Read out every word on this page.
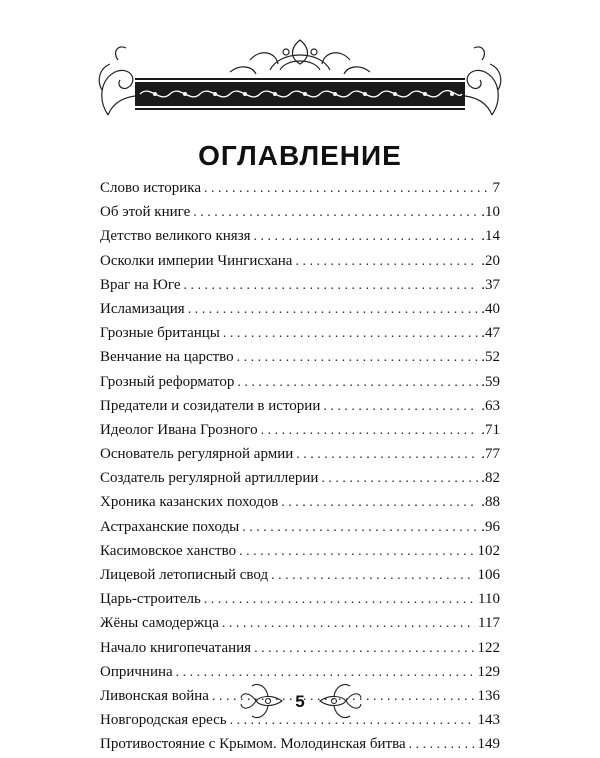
ОГЛАВЛЕНИЕ
Слово историка . . .	7
Об этой книге . . .	.10
Детство великого князя . . .	.14
Осколки империи Чингисхана . . .	.20
Враг на Юге . . .	.37
Исламизация . . .	.40
Грозные британцы . . .	.47
Венчание на царство . . .	.52
Грозный реформатор . . .	.59
Предатели и созидатели в истории . . .	.63
Идеолог Ивана Грозного . . .	.71
Основатель регулярной армии . . .	.77
Создатель регулярной артиллерии . . .	.82
Хроника казанских походов . . .	.88
Астраханские походы . . .	.96
Касимовское ханство . . .	102
Лицевой летописный свод . . .	106
Царь-строитель . . .	110
Жёны самодержца . . .	117
Начало книгопечатания . . .	122
Опричнина . . .	129
Ливонская война . . .	136
Новгородская ересь . . .	143
Противостояние с Крымом. Молодинская битва . . .	149
5
